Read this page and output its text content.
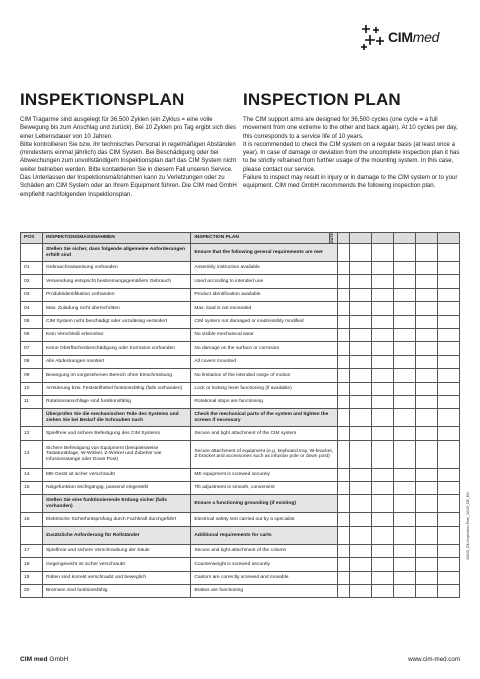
CIMmed
INSPEKTIONSPLAN

CIM Tragarme sind ausgelegt für 36.500 Zyklen (ein Zyklus = eine volle Bewegung bis zum Anschlag und zurück). Bei 10 Zyklen pro Tag ergibt sich dies einer Lebensdauer von 10 Jahren.

Bitte kontrollieren Sie bzw. Ihr technisches Personal in regelmäßigen Abständen (mindestens einmal jährlich) das CIM System. Bei Beschädigung oder bei Abweichungen zum unvollständigem Inspektionsplan darf das CIM System nicht weiter betrieben werden. Bitte kontaktieren Sie in diesem Fall unseren Service.

Das Unterlassen der Inspektionsmaßnahmen kann zu Verletzungen oder zu Schäden am CIM System oder an Ihrem Equipment führen. Die CIM med GmbH empfiehlt nachfolgenden Inspektionsplan.

INSPECTION PLAN

The CIM support arms are designed for 36,500 cycles (one cycle = a full movement from one extreme to the other and back again). At 10 cycles per day, this corresponds to a service life of 10 years.

It is recommended to check the CIM system on a regular basis (at least once a year). In case of damage or deviation from the uncomplete inspection plan it has to be strictly refrained from further usage of the mounting system. In this case, please contact our service.

Failure to inspect may result in injury or in damage to the CIM system or to your equipment. CIM med GmbH recommends the following inspection plan.

POS	INSPEKTIONSMASSNAHMEN	INSPECTION PLAN	DATE						

	Stellen Sie sicher, dass folgende allgemeine Anforderungen erfüllt sind	Ensure that the following general requirements are met							
01	Gebrauchsanweisung vorhanden	Assembly instruction available							
02	Verwendung entspricht bestimmungsgemäßem Gebrauch	Used according to intended use							
03	Produktidentifikation vorhanden	Product identification available							
04	Max. Zuladung nicht überschritten	Max. load is not exceeded							
05	CIM System nicht beschädigt oder unzulässig verändert	CIM system not damaged or inadmissibly modified							
06	Kein Verschleiß erkennbar	No visible mechanical wear							
07	Keine Oberflächenbeschädigung oder Korrosion vorhanden	No damage on the surface or corrosion							
08	Alle Abdeckungen montiert	All covers mounted							
09	Bewegung im vorgesehenen Bereich ohne Einschränkung	No limitation of the intended range of motion							
10	Arretierung bzw. Feststellhebel funktionsfähig (falls vorhanden)	Lock or locking lever functioning (if available)							
11	Rotationsanschläge sind funktionsfähig	Rotational stops are functioning							
	Überprüfen Sie die mechanischen Teile des Systems und ziehen Sie bei Bedarf die Schrauben nach	Check the mechanical parts of the system and tighten the screws if necessary							
12	Spielfreie und sichere Befestigung des CIM Systems	Secure and tight attachment of the CIM system							
13	Sichere Befestigung von Equipment (beispielsweise Tastaturablage, W-Winkel, Z-Winkel und Zubehör wie Infusionsstange oder Down Post)	Secure attachment of equipment (e.g. keyboard tray, W-bracket, Z-bracket and accessories such as infusion pole or down post)							
14	ME-Gerät ist sicher verschraubt	ME equipment is screwed securely							
15	Neigefunktion leichtgängig, passend eingestellt	Tilt adjustment is smooth, convenient							
	Stellen Sie eine funktionierende Erdung sicher (falls vorhanden)	Ensure a functioning grounding (if existing)							
16	Elektrische Sicherheitsprüfung durch Fachkraft durchgeführt	Electrical safety test carried out by a specialist							
	Zusätzliche Anforderung für Rollständer	Additional requirements for carts							
17	Spielfreie und sichere Verschraubung der Säule	Secure and tight attachment of the column							
18	Gegengewicht ist sicher verschraubt	Counterweight is screwed securely							
19	Rollen sind korrekt verschraubt und beweglich	Castors are correctly screwed and movable							
20	Bremsen sind funktionsfähig	Brakes are functioning							
10045_DE-Inspektion-Plan_10/15_DE_EN
CIM med GmbH	www.cim-med.com
